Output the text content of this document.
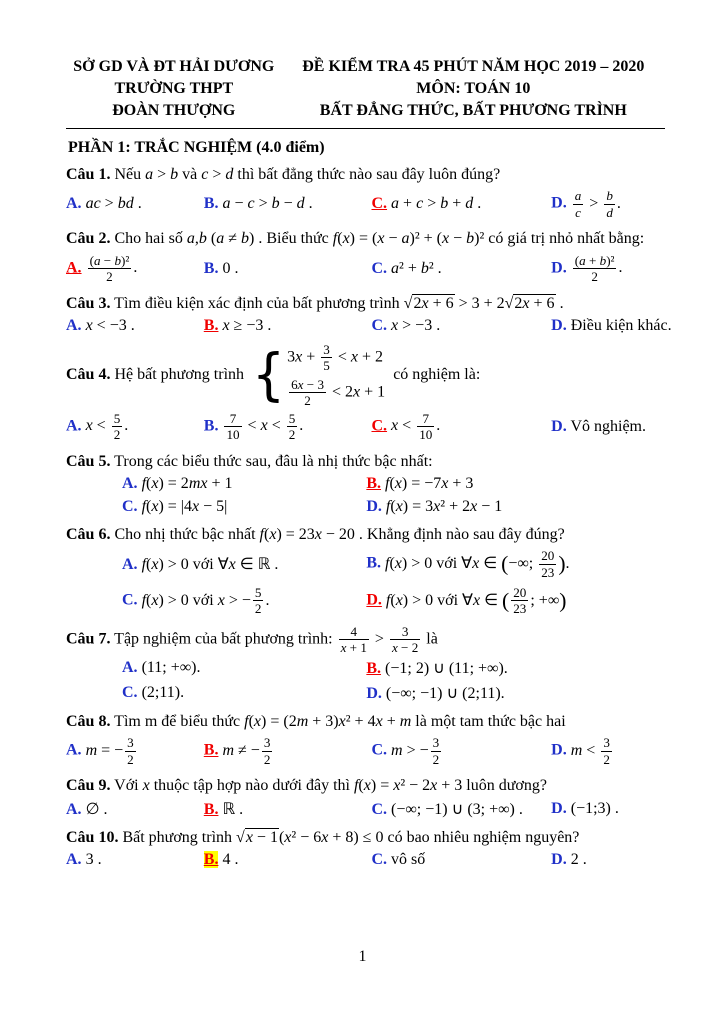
SỞ GD VÀ ĐT HẢI DƯƠNG
TRƯỜNG THPT
ĐOÀN THƯỢNG
ĐỀ KIỂM TRA 45 PHÚT NĂM HỌC 2019 – 2020
MÔN: TOÁN 10
BẤT ĐẲNG THỨC, BẤT PHƯƠNG TRÌNH
PHẦN 1: TRẮC NGHIỆM (4.0 điểm)

Câu 1. Nếu a > b và c > d thì bất đẳng thức nào sau đây luôn đúng?

A. ac > bd .	B. a − c > b − d .	C. a + c > b + d .	D. $\frac{a}{c} > \frac{b}{d}$ .

Câu 2. Cho hai số a,b (a ≠ b) . Biểu thức f(x) = (x − a)² + (x − b)² có giá trị nhỏ nhất bằng:

A. $\frac{\text{(a − b)²}}{2}$ .	B. 0 .	C. a² + b² .	D. $\frac{\text{(a + b)²}}{2}$ .

Câu 3. Tìm điều kiện xác định của bất phương trình √2x + 6 > 3 + 2√2x + 6 .

A. x < −3 .	B. x ≥ −3 .	C. x > −3 .	D. Điều kiện khác.

Câu 4. Hệ bất phương trình { $3x + \frac{3}{5} < x + 2$
$\frac{6x - 3}{2} < 2x + 1$
có nghiệm là:

A. $x < \frac{5}{2}$ .	B. $\frac{7}{10} < x < \frac{5}{2}$ .	C. $x < \frac{7}{10}$ .	D. Vô nghiệm.

Câu 5. Trong các biểu thức sau, đâu là nhị thức bậc nhất:

A. f(x) = 2mx + 1	B. f(x) = −7x + 3
C. f(x) = |4x − 5|	D. f(x) = 3x² + 2x − 1

Câu 6. Cho nhị thức bậc nhất f(x) = 23x − 20 . Khẳng định nào sau đây đúng?

A. f(x) > 0 với ∀x ∈ ℝ .	B. f(x) > 0 với ∀x ∈ (−∞; $\frac{20}{23}$ ).
C. f(x) > 0 với x > − $\frac{5}{2}$ .	D. f(x) > 0 với ∀x ∈ ( $\frac{20}{23}$ ; +∞)

Câu 7. Tập nghiệm của bất phương trình: $\frac{4}{x + 1} > \frac{3}{x - 2}$ là

A. (11; +∞).	B. (−1; 2) ∪ (11; +∞).
C. (2;11).	D. (−∞; −1) ∪ (2;11).

Câu 8. Tìm m để biểu thức f(x) = (2m + 3)x² + 4x + m là một tam thức bậc hai

A. m = − $\frac{3}{2}$	B. m ≠ − $\frac{3}{2}$	C. m > − $\frac{3}{2}$	D. $m < \frac{3}{2}$

Câu 9. Với x thuộc tập hợp nào dưới đây thì f(x) = x² − 2x + 3 luôn dương?

A. ∅ .	B. ℝ .	C. (−∞; −1) ∪ (3; +∞) .	D. (−1;3) .

Câu 10. Bất phương trình √x − 1(x² − 6x + 8) ≤ 0 có bao nhiêu nghiệm nguyên?

A. 3 .	B. 4 .	C. vô số	D. 2 .
1
